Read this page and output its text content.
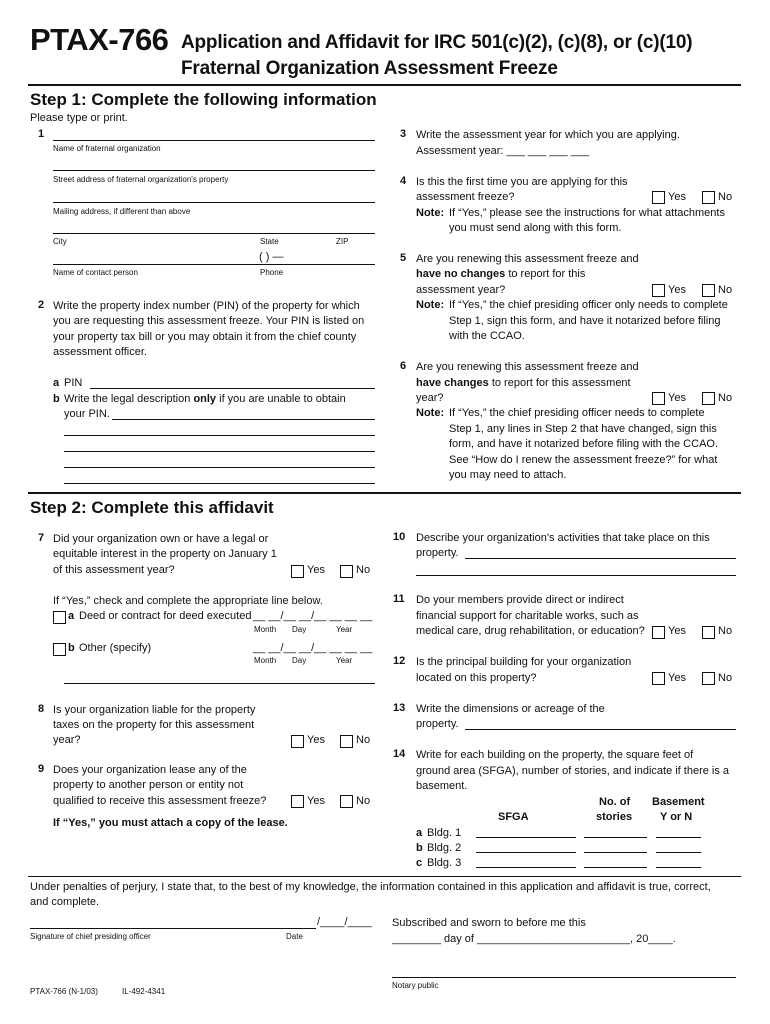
PTAX-766 Application and Affidavit for IRC 501(c)(2), (c)(8), or (c)(10)
Fraternal Organization Assessment Freeze
Step 1: Complete the following information
Please type or print.
1
Name of fraternal organization
Street address of fraternal organization's property
Mailing address, if different than above
City	State	ZIP
( ) —
Name of contact person	Phone
2 Write the property index number (PIN) of the property for which
you are requesting this assessment freeze. Your PIN is listed on
your property tax bill or you may obtain it from the chief county
assessment officer.
a PIN
b Write the legal description only if you are unable to obtain
your PIN.
3 Write the assessment year for which you are applying.
Assessment year: ___ ___ ___ ___
4 Is this the first time you are applying for this
assessment freeze?	Yes	No
Note: If “Yes,” please see the instructions for what attachments
you must send along with this form.
5 Are you renewing this assessment freeze and
have no changes to report for this
assessment year?	Yes	No
Note: If “Yes,” the chief presiding officer only needs to complete
Step 1, sign this form, and have it notarized before filing
with the CCAO.
6 Are you renewing this assessment freeze and
have changes to report for this assessment
year?	Yes	No
Note: If “Yes,” the chief presiding officer needs to complete
Step 1, any lines in Step 2 that have changed, sign this
form, and have it notarized before filing with the CCAO.
See “How do I renew the assessment freeze?” for what
you may need to attach.
Step 2: Complete this affidavit
7 Did your organization own or have a legal or
equitable interest in the property on January 1
of this assessment year?	Yes	No
If “Yes,” check and complete the appropriate line below.
a Deed or contract for deed executed __ __/__ __/__ __ __ __
Month Day	Year
b Other (specify)	__ __/__ __/__ __ __ __
Month Day	Year
8 Is your organization liable for the property
taxes on the property for this assessment
year?	Yes	No
9 Does your organization lease any of the
property to another person or entity not
qualified to receive this assessment freeze?	Yes	No
If “Yes,” you must attach a copy of the lease.
10 Describe your organization's activities that take place on this
property.
11 Do your members provide direct or indirect
financial support for charitable works, such as
medical care, drug rehabilitation, or education? Yes	No
12 Is the principal building for your organization
located on this property?	Yes	No
13 Write the dimensions or acreage of the
property.
14 Write for each building on the property, the square feet of
ground area (SFGA), number of stories, and indicate if there is a
basement.
SFGA
No. of
stories
Basement
Y or N
a Bldg. 1
b Bldg. 2
c Bldg. 3
Under penalties of perjury, I state that, to the best of my knowledge, the information contained in this application and affidavit is true, correct,
and complete.
/____/____
Signature of chief presiding officer	Date
Subscribed and sworn to before me this
________ day of _________________________, 20____.
Notary public
PTAX-766 (N-1/03)	IL-492-4341
